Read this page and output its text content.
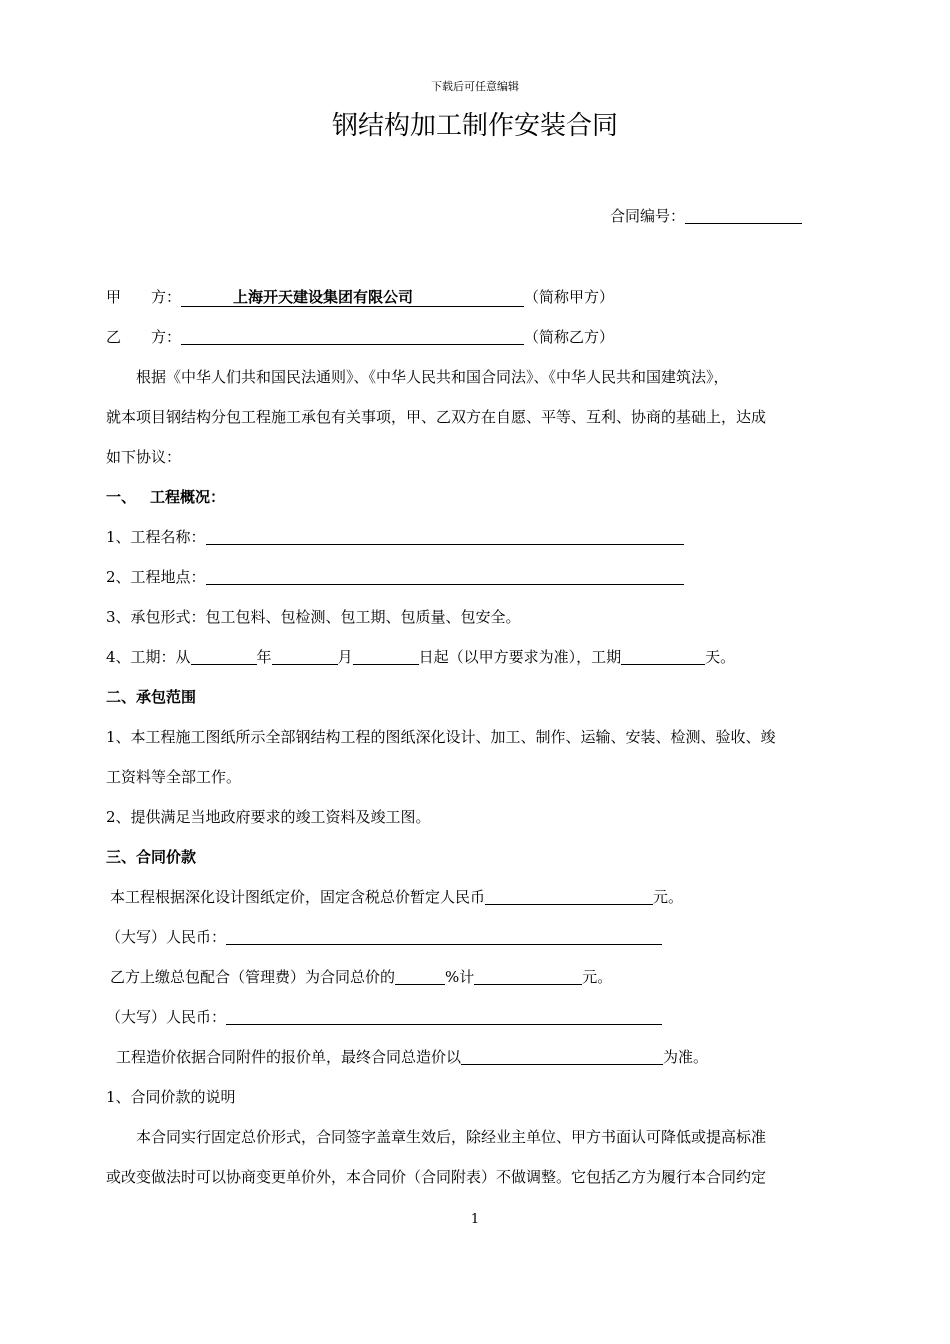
下载后可任意编辑
钢结构加工制作安装合同
合同编号：
甲　　方：	上海开天建设集团有限公司	（简称甲方）
乙　　方：	（简称乙方）
根据《中华人们共和国民法通则》、《中华人民共和国合同法》、《中华人民共和国建筑法》，
就本项目钢结构分包工程施工承包有关事项，甲、乙双方在自愿、平等、互利、协商的基础上，达成
如下协议：
一、 工程概况：
1、工程名称：
2、工程地点：
3、承包形式：包工包料、包检测、包工期、包质量、包安全。
4、工期：从	年	月	日起（以甲方要求为准），工期	天。
二、承包范围
1、本工程施工图纸所示全部钢结构工程的图纸深化设计、加工、制作、运输、安装、检测、验收、竣
工资料等全部工作。
2、提供满足当地政府要求的竣工资料及竣工图。
三、合同价款
本工程根据深化设计图纸定价，固定含税总价暂定人民币	元。
（大写）人民币：
乙方上缴总包配合（管理费）为合同总价的	%计	元。
（大写）人民币：
工程造价依据合同附件的报价单，最终合同总造价以	为准。
1、合同价款的说明
本合同实行固定总价形式，合同签字盖章生效后，除经业主单位、甲方书面认可降低或提高标准
或改变做法时可以协商变更单价外，本合同价（合同附表）不做调整。它包括乙方为履行本合同约定
1
